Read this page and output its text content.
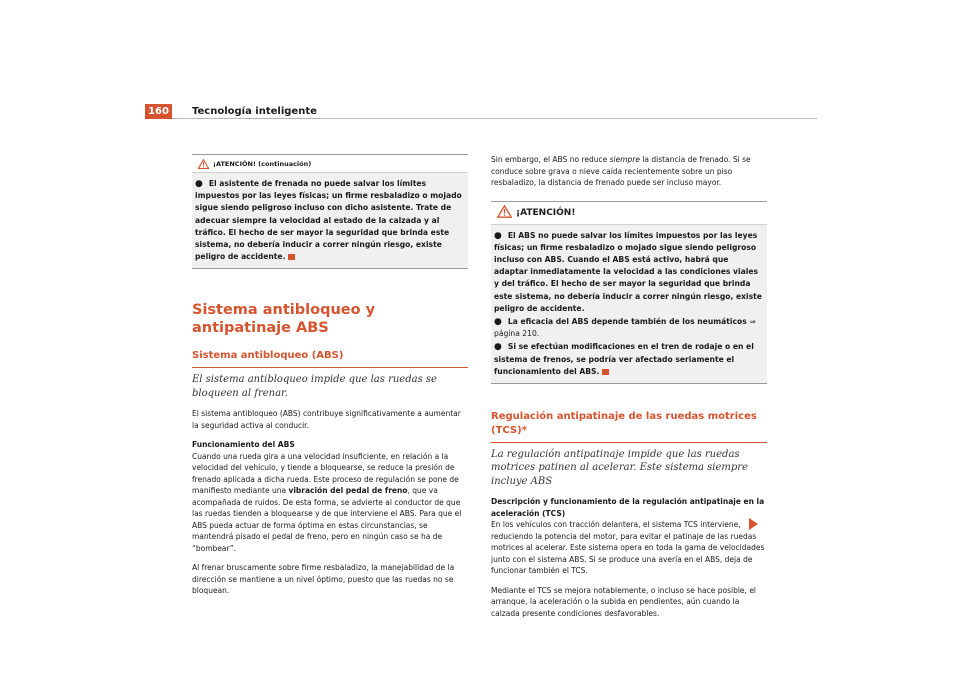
160	Tecnología inteligente
¡ATENCIÓN! (continuación)

● El asistente de frenada no puede salvar los límites impuestos por las leyes físicas; un firme resbaladizo o mojado sigue siendo peligroso incluso con dicho asistente. Trate de adecuar siempre la velocidad al estado de la calzada y al tráfico. El hecho de ser mayor la seguridad que brinda este sistema, no debería inducir a correr ningún riesgo, existe peligro de accidente.

Sistema antibloqueo y antipatinaje ABS
Sistema antibloqueo (ABS)

El sistema antibloqueo impide que las ruedas se bloqueen al frenar.

El sistema antibloqueo (ABS) contribuye significativamente a aumentar la seguridad activa al conducir.

Funcionamiento del ABS

Cuando una rueda gira a una velocidad insuficiente, en relación a la velocidad del vehículo, y tiende a bloquearse, se reduce la presión de frenado aplicada a dicha rueda. Este proceso de regulación se pone de manifiesto mediante una vibración del pedal de freno, que va acompañada de ruidos. De esta forma, se advierte al conductor de que las ruedas tienden a bloquearse y de que interviene el ABS. Para que el ABS pueda actuar de forma óptima en estas circunstancias, se mantendrá pisado el pedal de freno, pero en ningún caso se ha de “bombear”.

Al frenar bruscamente sobre firme resbaladizo, la manejabilidad de la dirección se mantiene a un nivel óptimo, puesto que las ruedas no se bloquean.

Sin embargo, el ABS no reduce siempre la distancia de frenado. Si se conduce sobre grava o nieve caída recientemente sobre un piso resbaladizo, la distancia de frenado puede ser incluso mayor.

¡ATENCIÓN!

● El ABS no puede salvar los límites impuestos por las leyes físicas; un firme resbaladizo o mojado sigue siendo peligroso incluso con ABS. Cuando el ABS está activo, habrá que adaptar inmediatamente la velocidad a las condiciones viales y del tráfico. El hecho de ser mayor la seguridad que brinda este sistema, no debería inducir a correr ningún riesgo, existe peligro de accidente.

● La eficacia del ABS depende también de los neumáticos ⇒ página 210.

● Si se efectúan modificaciones en el tren de rodaje o en el sistema de frenos, se podría ver afectado seriamente el funcionamiento del ABS.

Regulación antipatinaje de las ruedas motrices (TCS)*

La regulación antipatinaje impide que las ruedas motrices patinen al acelerar. Este sistema siempre incluye ABS

Descripción y funcionamiento de la regulación antipatinaje en la aceleración (TCS)

En los vehículos con tracción delantera, el sistema TCS interviene, reduciendo la potencia del motor, para evitar el patinaje de las ruedas motrices al acelerar. Este sistema opera en toda la gama de velocidades junto con el sistema ABS. Si se produce una avería en el ABS, deja de funcionar también el TCS.

Mediante el TCS se mejora notablemente, o incluso se hace posible, el arranque, la aceleración o la subida en pendientes, aún cuando la calzada presente condiciones desfavorables.
